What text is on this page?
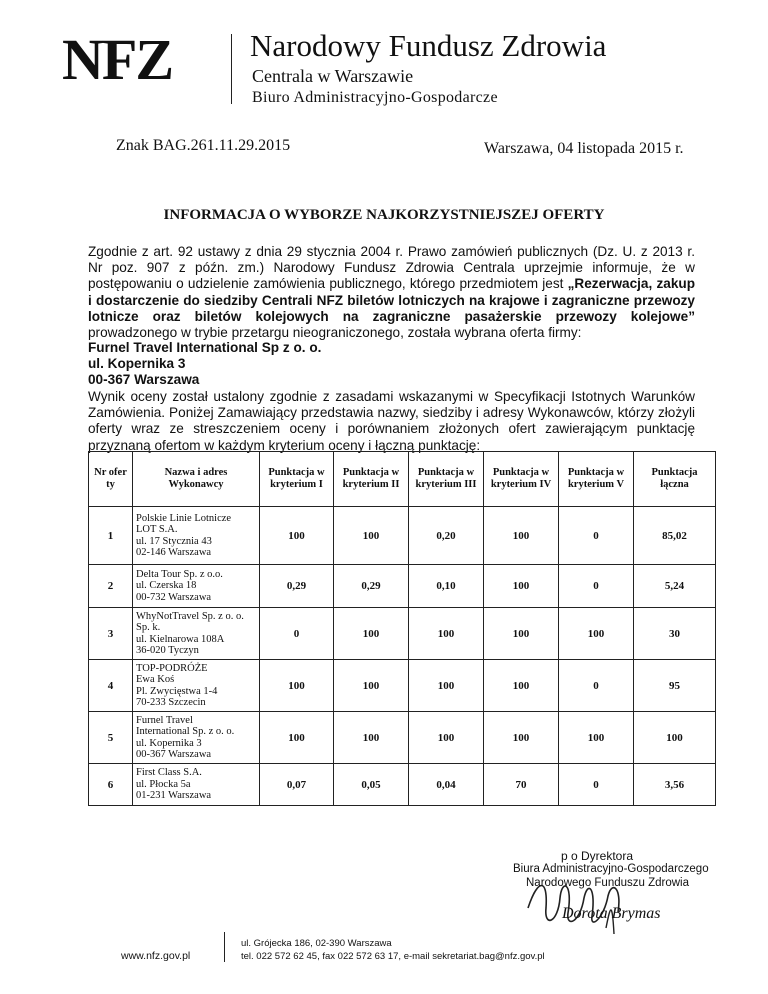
NFZ	Narodowy Fundusz Zdrowia
Centrala w Warszawie
Biuro Administracyjno-Gospodarcze
Znak BAG.261.11.29.2015	Warszawa, 04 listopada 2015 r.
INFORMACJA O WYBORZE NAJKORZYSTNIEJSZEJ OFERTY
Zgodnie z art. 92 ustawy z dnia 29 stycznia 2004 r. Prawo zamówień publicznych (Dz. U. z 2013 r. Nr poz. 907 z późn. zm.) Narodowy Fundusz Zdrowia Centrala uprzejmie informuje, że w postępowaniu o udzielenie zamówienia publicznego, którego przedmiotem jest „Rezerwacja, zakup i dostarczenie do siedziby Centrali NFZ biletów lotniczych na krajowe i zagraniczne przewozy lotnicze oraz biletów kolejowych na zagraniczne pasażerskie przewozy kolejowe” prowadzonego w trybie przetargu nieograniczonego, została wybrana oferta firmy:
Furnel Travel International Sp z o. o.
ul. Kopernika 3
00-367 Warszawa
Wynik oceny został ustalony zgodnie z zasadami wskazanymi w Specyfikacji Istotnych Warunków Zamówienia. Poniżej Zamawiający przedstawia nazwy, siedziby i adresy Wykonawców, którzy złożyli oferty wraz ze streszczeniem oceny i porównaniem złożonych ofert zawierającym punktację przyznaną ofertom w każdym kryterium oceny i łączną punktację:
Nr ofer ty	Nazwa i adres Wykonawcy	Punktacja w kryterium I	Punktacja w kryterium II	Punktacja w kryterium III	Punktacja w kryterium IV	Punktacja w kryterium V	Punktacja łączna
1	Polskie Linie Lotnicze
LOT S.A.
ul. 17 Stycznia 43
02-146 Warszawa	100	100	0,20	100	0	85,02
2	Delta Tour Sp. z o.o.
ul. Czerska 18
00-732 Warszawa	0,29	0,29	0,10	100	0	5,24
3	WhyNotTravel Sp. z o. o.
Sp. k.
ul. Kielnarowa 108A
36-020 Tyczyn	0	100	100	100	100	30
4	TOP-PODRÓŻE
Ewa Koś
Pl. Zwycięstwa 1-4
70-233 Szczecin	100	100	100	100	0	95
5	Furnel Travel
International Sp. z o. o.
ul. Kopernika 3
00-367 Warszawa	100	100	100	100	100	100
6	First Class S.A.
ul. Płocka 5a
01-231 Warszawa	0,07	0,05	0,04	70	0	3,56
p o Dyrektora
Biura Administracyjno-Gospodarczego
Narodowego Funduszu Zdrowia
Dorota Brymas
www.nfz.gov.pl
ul. Grójecka 186, 02-390 Warszawa
tel. 022 572 62 45, fax 022 572 63 17, e-mail sekretariat.bag@nfz.gov.pl
